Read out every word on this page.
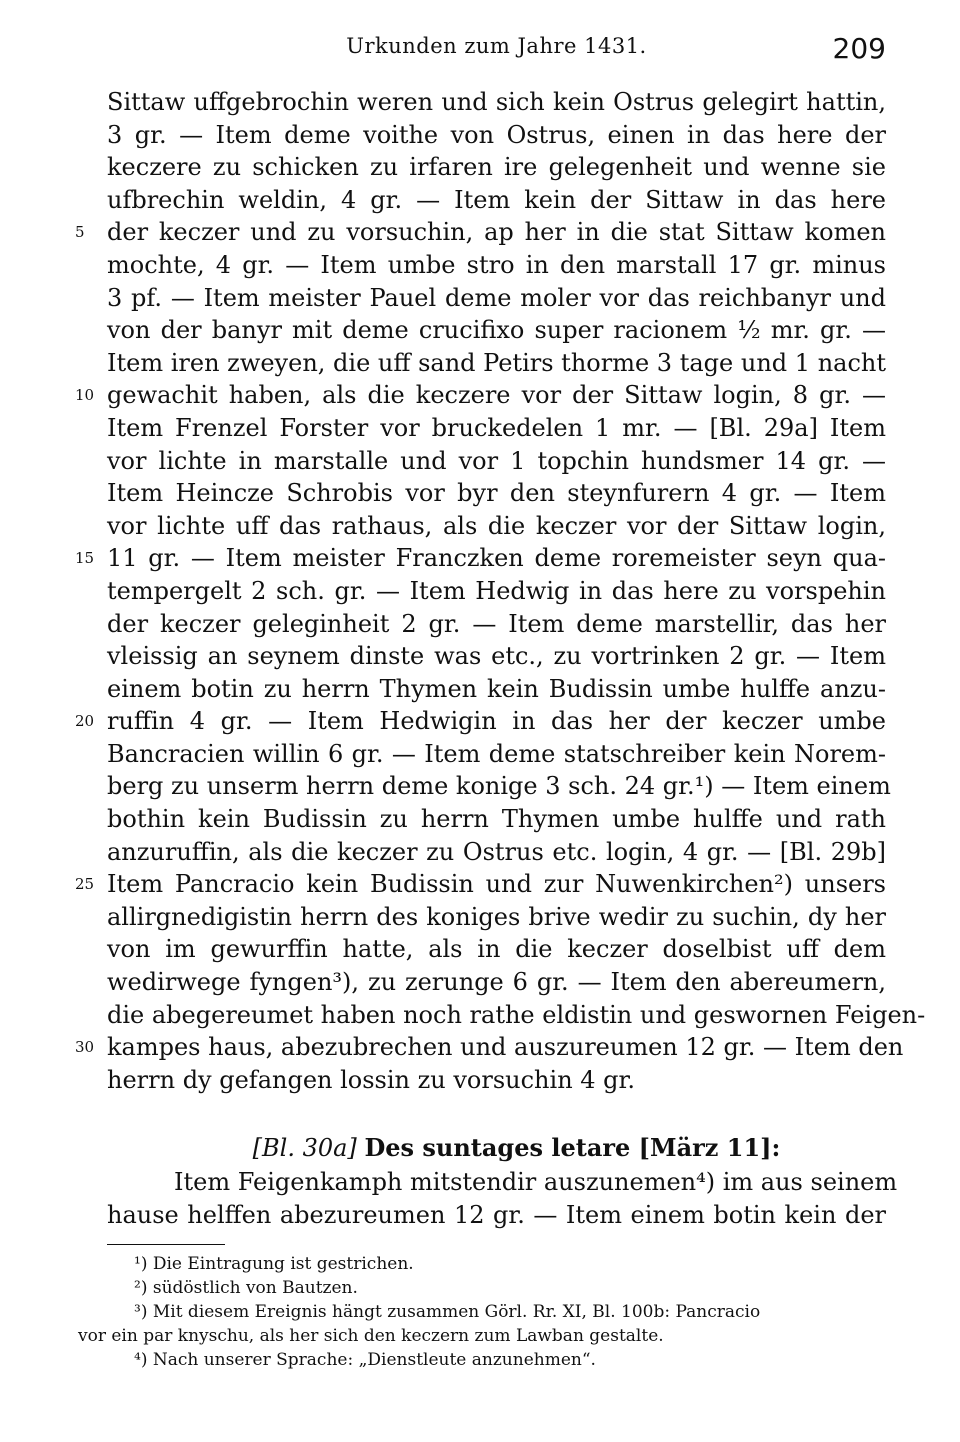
Urkunden zum Jahre 1431.	209
Sittaw uffgebrochin weren und sich kein Ostrus gelegirt hattin,
3 gr. — Item deme voithe von Ostrus, einen in das here der
keczere zu schicken zu irfaren ire gelegenheit und wenne sie
ufbrechin weldin, 4 gr. — Item kein der Sittaw in das here
der keczer und zu vorsuchin, ap her in die stat Sittaw komen
5
mochte, 4 gr. — Item umbe stro in den marstall 17 gr. minus
3 pf. — Item meister Pauel deme moler vor das reichbanyr und
von der banyr mit deme crucifixo super racionem ½ mr. gr. —
Item iren zweyen, die uff sand Petirs thorme 3 tage und 1 nacht
gewachit haben, als die keczere vor der Sittaw login, 8 gr. —
10
Item Frenzel Forster vor bruckedelen 1 mr. — [Bl. 29a] Item
vor lichte in marstalle und vor 1 topchin hundsmer 14 gr. —
Item Heincze Schrobis vor byr den steynfurern 4 gr. — Item
vor lichte uff das rathaus, als die keczer vor der Sittaw login,
11 gr. — Item meister Franczken deme roremeister seyn qua-
15
tempergelt 2 sch. gr. — Item Hedwig in das here zu vorspehin
der keczer geleginheit 2 gr. — Item deme marstellir, das her
vleissig an seynem dinste was etc., zu vortrinken 2 gr. — Item
einem botin zu herrn Thymen kein Budissin umbe hulffe anzu-
ruffin 4 gr. — Item Hedwigin in das her der keczer umbe
20
Bancracien willin 6 gr. — Item deme statschreiber kein Norem-
berg zu unserm herrn deme konige 3 sch. 24 gr.¹) — Item einem
bothin kein Budissin zu herrn Thymen umbe hulffe und rath
anzuruffin, als die keczer zu Ostrus etc. login, 4 gr. — [Bl. 29b]
Item Pancracio kein Budissin und zur Nuwenkirchen²) unsers
25
allirgnedigistin herrn des koniges brive wedir zu suchin, dy her
von im gewurffin hatte, als in die keczer doselbist uff dem
wedirwege fyngen³), zu zerunge 6 gr. — Item den abereumern,
die abegereumet haben noch rathe eldistin und geswornen Feigen-
kampes haus, abezubrechen und auszureumen 12 gr. — Item den
30
herrn dy gefangen lossin zu vorsuchin 4 gr.
[Bl. 30a] Des suntages letare [März 11]:
Item Feigenkamph mitstendir auszunemen⁴) im aus seinem
hause helffen abezureumen 12 gr. — Item einem botin kein der
¹) Die Eintragung ist gestrichen.
²) südöstlich von Bautzen.
³) Mit diesem Ereignis hängt zusammen Görl. Rr. XI, Bl. 100b: Pancracio
vor ein par knyschu, als her sich den keczern zum Lawban gestalte.
⁴) Nach unserer Sprache: „Dienstleute anzunehmen“.
